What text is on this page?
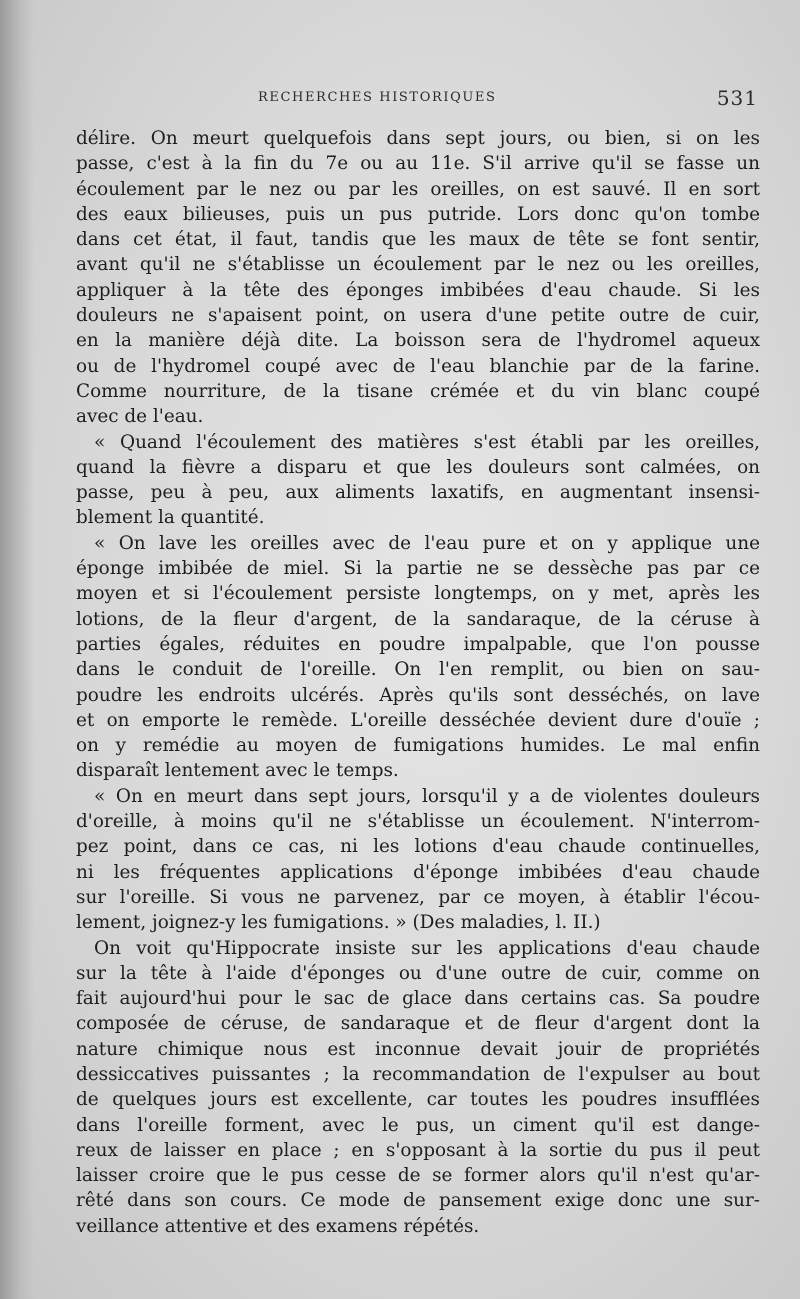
RECHERCHES HISTORIQUES	531
délire. On meurt quelquefois dans sept jours, ou bien, si on les
passe, c'est à la fin du 7e ou au 11e. S'il arrive qu'il se fasse un
écoulement par le nez ou par les oreilles, on est sauvé. Il en sort
des eaux bilieuses, puis un pus putride. Lors donc qu'on tombe
dans cet état, il faut, tandis que les maux de tête se font sentir,
avant qu'il ne s'établisse un écoulement par le nez ou les oreilles,
appliquer à la tête des éponges imbibées d'eau chaude. Si les
douleurs ne s'apaisent point, on usera d'une petite outre de cuir,
en la manière déjà dite. La boisson sera de l'hydromel aqueux
ou de l'hydromel coupé avec de l'eau blanchie par de la farine.
Comme nourriture, de la tisane crémée et du vin blanc coupé
avec de l'eau.
« Quand l'écoulement des matières s'est établi par les oreilles,
quand la fièvre a disparu et que les douleurs sont calmées, on
passe, peu à peu, aux aliments laxatifs, en augmentant insensi-
blement la quantité.
« On lave les oreilles avec de l'eau pure et on y applique une
éponge imbibée de miel. Si la partie ne se dessèche pas par ce
moyen et si l'écoulement persiste longtemps, on y met, après les
lotions, de la fleur d'argent, de la sandaraque, de la céruse à
parties égales, réduites en poudre impalpable, que l'on pousse
dans le conduit de l'oreille. On l'en remplit, ou bien on sau-
poudre les endroits ulcérés. Après qu'ils sont desséchés, on lave
et on emporte le remède. L'oreille desséchée devient dure d'ouïe ;
on y remédie au moyen de fumigations humides. Le mal enfin
disparaît lentement avec le temps.
« On en meurt dans sept jours, lorsqu'il y a de violentes douleurs
d'oreille, à moins qu'il ne s'établisse un écoulement. N'interrom-
pez point, dans ce cas, ni les lotions d'eau chaude continuelles,
ni les fréquentes applications d'éponge imbibées d'eau chaude
sur l'oreille. Si vous ne parvenez, par ce moyen, à établir l'écou-
lement, joignez-y les fumigations. » (Des maladies, l. II.)
On voit qu'Hippocrate insiste sur les applications d'eau chaude
sur la tête à l'aide d'éponges ou d'une outre de cuir, comme on
fait aujourd'hui pour le sac de glace dans certains cas. Sa poudre
composée de céruse, de sandaraque et de fleur d'argent dont la
nature chimique nous est inconnue devait jouir de propriétés
dessiccatives puissantes ; la recommandation de l'expulser au bout
de quelques jours est excellente, car toutes les poudres insufflées
dans l'oreille forment, avec le pus, un ciment qu'il est dange-
reux de laisser en place ; en s'opposant à la sortie du pus il peut
laisser croire que le pus cesse de se former alors qu'il n'est qu'ar-
rêté dans son cours. Ce mode de pansement exige donc une sur-
veillance attentive et des examens répétés.
